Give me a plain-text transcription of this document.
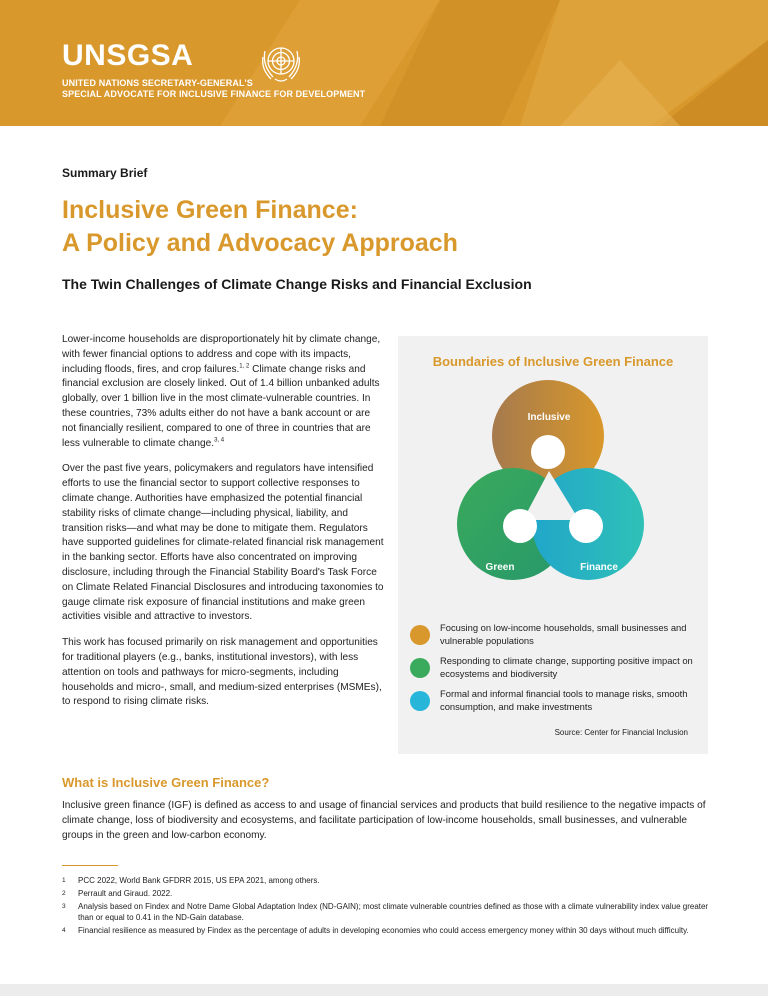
UNSGSA
UNITED NATIONS SECRETARY-GENERAL'S
SPECIAL ADVOCATE FOR INCLUSIVE FINANCE FOR DEVELOPMENT
Summary Brief
Inclusive Green Finance:
A Policy and Advocacy Approach
The Twin Challenges of Climate Change Risks and Financial Exclusion

Lower-income households are disproportionately hit by climate change, with fewer financial options to address and cope with its impacts, including floods, fires, and crop failures.$^{1, 2}$ Climate change risks and financial exclusion are closely linked. Out of 1.4 billion unbanked adults globally, over 1 billion live in the most climate-vulnerable countries. In these countries, 73% adults either do not have a bank account or are not financially resilient, compared to one of three in countries that are less vulnerable to climate change.$^{3, 4}$

Over the past five years, policymakers and regulators have intensified efforts to use the financial sector to support collective responses to climate change. Authorities have emphasized the potential financial stability risks of climate change—including physical, liability, and transition risks—and what may be done to mitigate them. Regulators have supported guidelines for climate-related financial risk management in the banking sector. Efforts have also concentrated on improving disclosure, including through the Financial Stability Board's Task Force on Climate Related Financial Disclosures and introducing taxonomies to gauge climate risk exposure of financial institutions and make green activities visible and attractive to investors.

This work has focused primarily on risk management and opportunities for traditional players (e.g., banks, institutional investors), with less attention on tools and pathways for micro-segments, including households and micro-, small, and medium-sized enterprises (MSMEs), to respond to rising climate risks.

Boundaries of Inclusive Green Finance
Inclusive
Green	Finance
Focusing on low-income households, small businesses and vulnerable populations
Responding to climate change, supporting positive impact on ecosystems and biodiversity
Formal and informal financial tools to manage risks, smooth consumption, and make investments
Source: Center for Financial Inclusion
What is Inclusive Green Finance?
Inclusive green finance (IGF) is defined as access to and usage of financial services and products that build resilience to the negative impacts of climate change, loss of biodiversity and ecosystems, and facilitate participation of low-income households, small businesses, and vulnerable groups in the green and low-carbon economy.
1 PCC 2022, World Bank GFDRR 2015, US EPA 2021, among others.
2 Perrault and Giraud. 2022.
3 Analysis based on Findex and Notre Dame Global Adaptation Index (ND-GAIN); most climate vulnerable countries defined as those with a climate vulnerability index value greater than or equal to 0.41 in the ND-Gain database.
4 Financial resilience as measured by Findex as the percentage of adults in developing economies who could access emergency money within 30 days without much difficulty.
